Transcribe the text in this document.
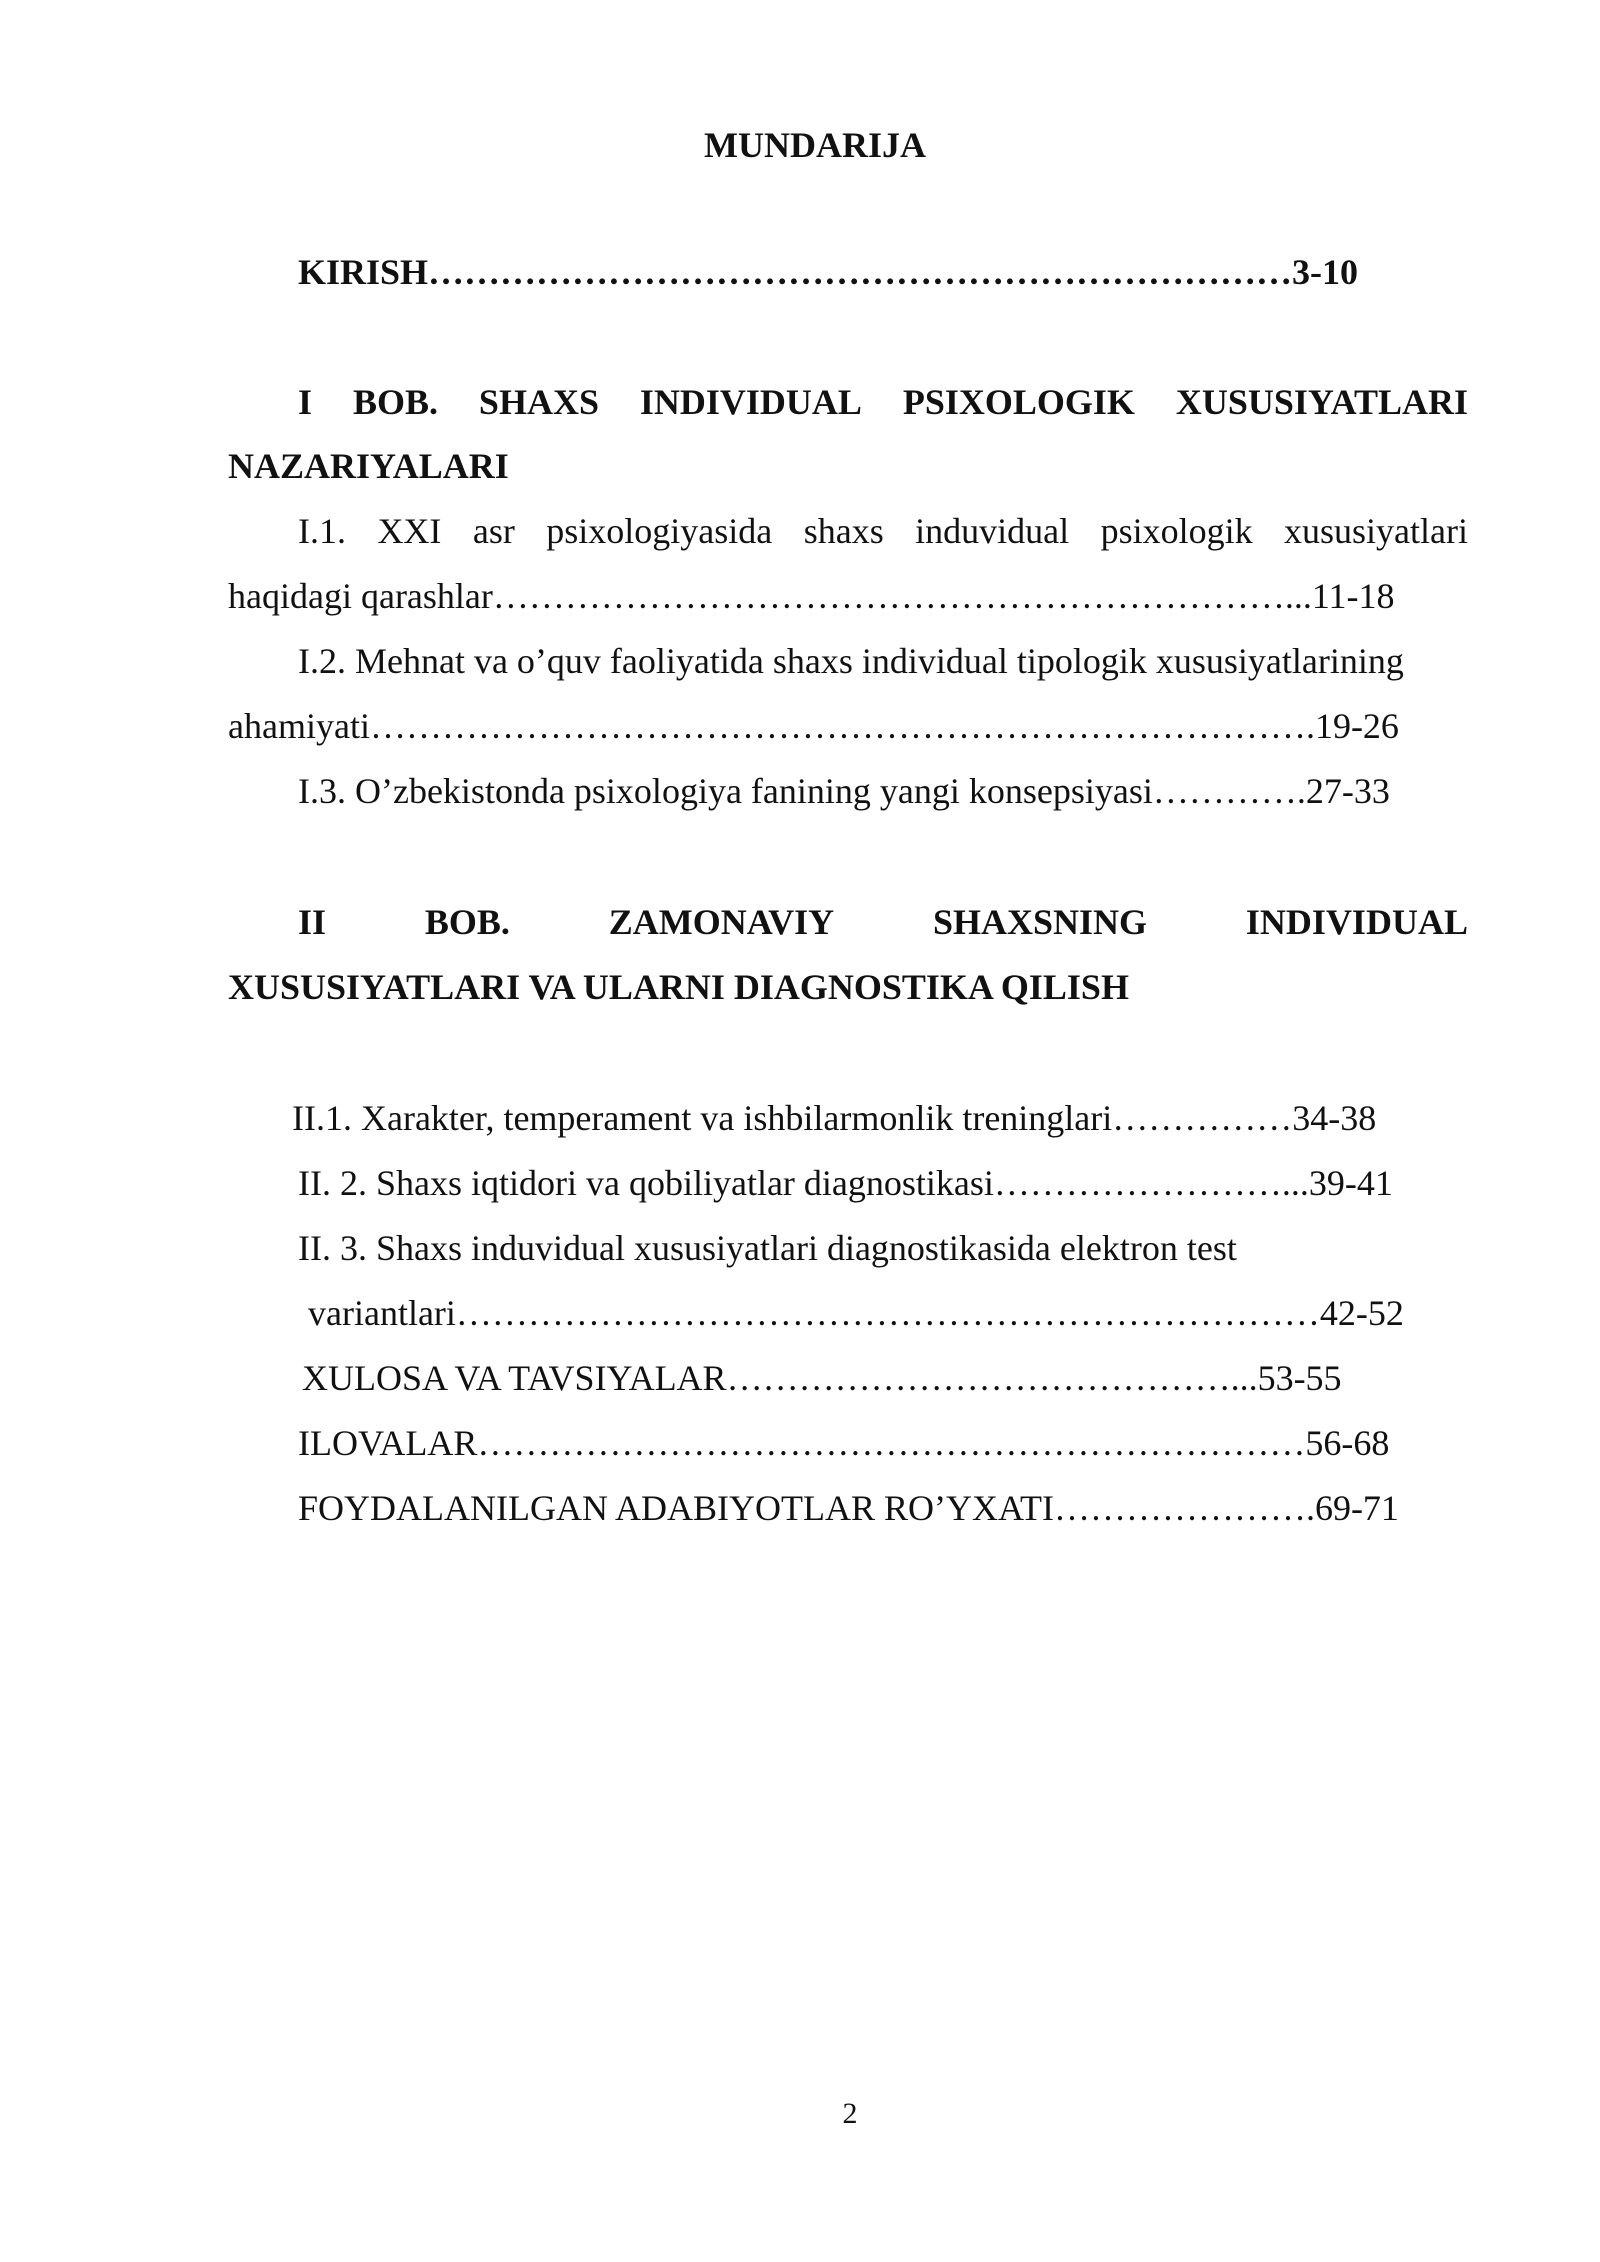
MUNDARIJA
KIRISH………………………………………………………………3-10
I BOB. SHAXS INDIVIDUAL PSIXOLOGIK XUSUSIYATLARI
NAZARIYALARI
I.1. XXI asr psixologiyasida shaxs induvidual psixologik xususiyatlari
haqidagi qarashlar…………………………………………………………...11-18
I.2. Mehnat va o’quv faoliyatida shaxs individual tipologik xususiyatlarining
ahamiyati…………………………………………………………………….19-26
I.3. O’zbekistonda psixologiya fanining yangi konsepsiyasi………….27-33
II	BOB.	ZAMONAVIY	SHAXSNING	INDIVIDUAL
XUSUSIYATLARI VA ULARNI DIAGNOSTIKA QILISH
II.1. Xarakter, temperament va ishbilarmonlik treninglari……………34-38
II. 2. Shaxs iqtidori va qobiliyatlar diagnostikasi……………………...39-41
II. 3. Shaxs induvidual xususiyatlari diagnostikasida elektron test
variantlari………………………………………………………………42-52
XULOSA VA TAVSIYALAR……………………………………...53-55
ILOVALAR……………………………………………………………56-68
FOYDALANILGAN ADABIYOTLAR RO’YXATI………………….69-71
2
